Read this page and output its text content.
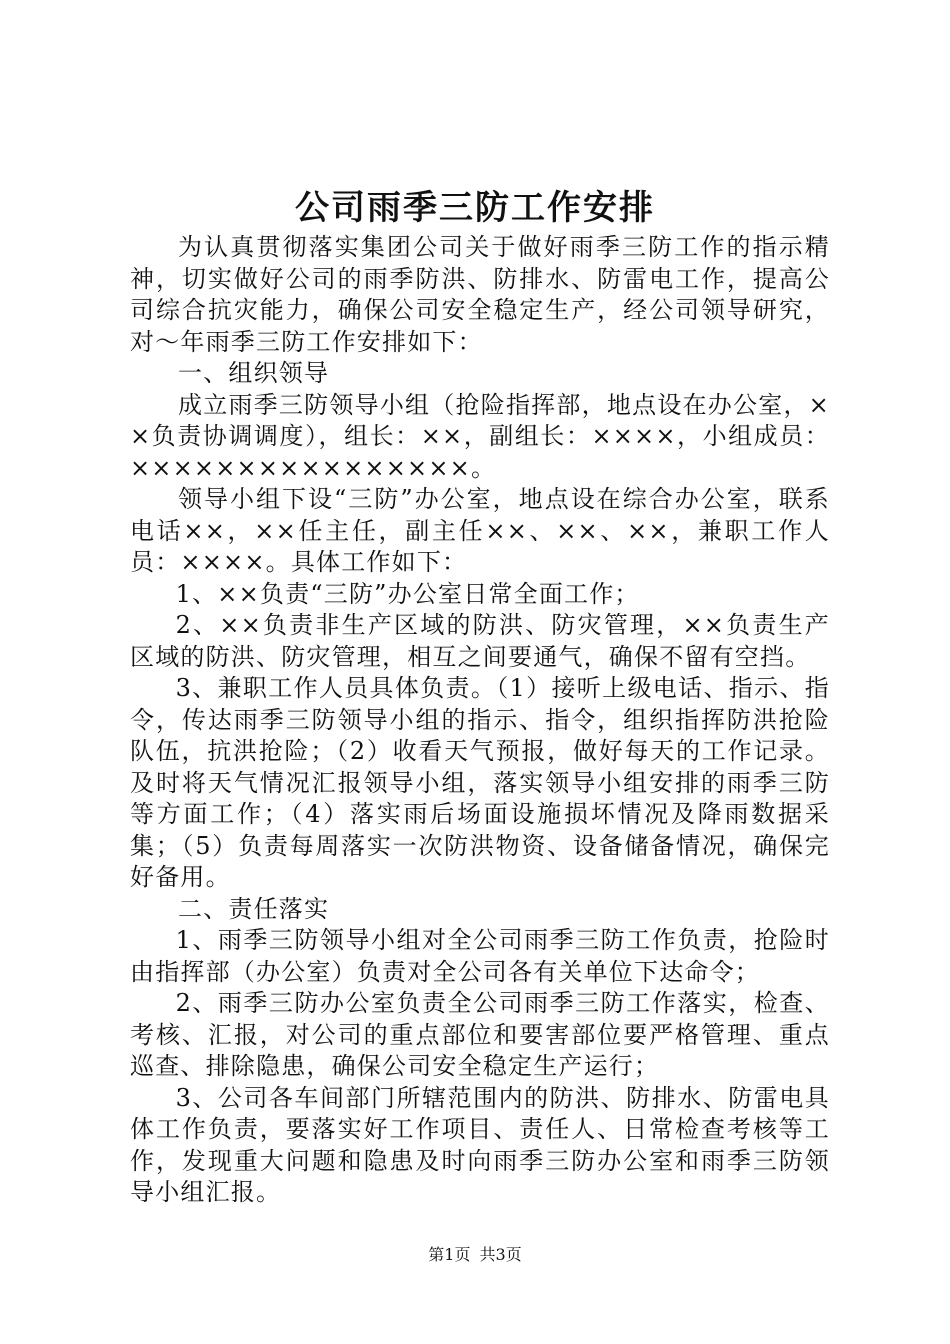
公司雨季三防工作安排

为认真贯彻落实集团公司关于做好雨季三防工作的指示精神，切实做好公司的雨季防洪、防排水、防雷电工作，提高公司综合抗灾能力，确保公司安全稳定生产，经公司领导研究，对～年雨季三防工作安排如下：

一、组织领导

成立雨季三防领导小组（抢险指挥部，地点设在办公室，××负责协调调度），组长：××，副组长：××××，小组成员：××××××××××××××××。

领导小组下设“三防”办公室，地点设在综合办公室，联系电话××，××任主任，副主任××、××、××，兼职工作人员：××××。具体工作如下：

1、××负责“三防”办公室日常全面工作；

2、××负责非生产区域的防洪、防灾管理，××负责生产区域的防洪、防灾管理，相互之间要通气，确保不留有空挡。

3、兼职工作人员具体负责。（1）接听上级电话、指示、指令，传达雨季三防领导小组的指示、指令，组织指挥防洪抢险队伍，抗洪抢险；（2）收看天气预报，做好每天的工作记录。及时将天气情况汇报领导小组，落实领导小组安排的雨季三防等方面工作；（4）落实雨后场面设施损坏情况及降雨数据采集；（5）负责每周落实一次防洪物资、设备储备情况，确保完好备用。

二、责任落实

1、雨季三防领导小组对全公司雨季三防工作负责，抢险时由指挥部（办公室）负责对全公司各有关单位下达命令；

2、雨季三防办公室负责全公司雨季三防工作落实，检查、考核、汇报，对公司的重点部位和要害部位要严格管理、重点巡查、排除隐患，确保公司安全稳定生产运行；

3、公司各车间部门所辖范围内的防洪、防排水、防雷电具体工作负责，要落实好工作项目、责任人、日常检查考核等工作，发现重大问题和隐患及时向雨季三防办公室和雨季三防领导小组汇报。

第1页 共3页
